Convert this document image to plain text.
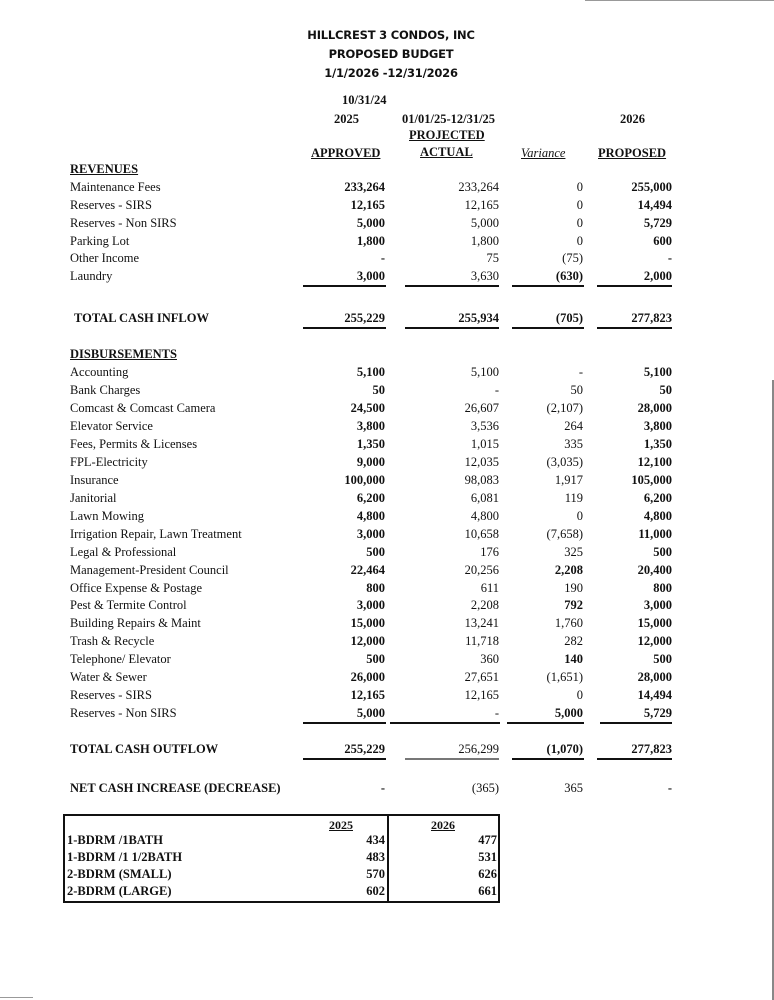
HILLCREST 3 CONDOS, INC
PROPOSED BUDGET
1/1/2026 -12/31/2026
10/31/24
2025
APPROVED
01/01/25-12/31/25
PROJECTED
ACTUAL	Variance
2026
PROPOSED
REVENUES
Maintenance Fees	233,264	233,264	0	255,000
Reserves - SIRS	12,165	12,165	0	14,494
Reserves - Non SIRS	5,000	5,000	0	5,729
Parking Lot	1,800	1,800	0	600
Other Income	-	75	(75)	-
Laundry	3,000	3,630	(630)	2,000
TOTAL CASH INFLOW	255,229	255,934	(705)	277,823
DISBURSEMENTS
Accounting	5,100	5,100	-	5,100
Bank Charges	50	-	50	50
Comcast & Comcast Camera	24,500	26,607	(2,107)	28,000
Elevator Service	3,800	3,536	264	3,800
Fees, Permits & Licenses	1,350	1,015	335	1,350
FPL-Electricity	9,000	12,035	(3,035)	12,100
Insurance	100,000	98,083	1,917	105,000
Janitorial	6,200	6,081	119	6,200
Lawn Mowing	4,800	4,800	0	4,800
Irrigation Repair, Lawn Treatment	3,000	10,658	(7,658)	11,000
Legal & Professional	500	176	325	500
Management-President Council	22,464	20,256	2,208	20,400
Office Expense & Postage	800	611	190	800
Pest & Termite Control	3,000	2,208	792	3,000
Building Repairs & Maint	15,000	13,241	1,760	15,000
Trash & Recycle	12,000	11,718	282	12,000
Telephone/ Elevator	500	360	140	500
Water & Sewer	26,000	27,651	(1,651)	28,000
Reserves - SIRS	12,165	12,165	0	14,494
Reserves - Non SIRS	5,000	-	5,000	5,729
TOTAL CASH OUTFLOW	255,229	256,299	(1,070)	277,823
NET CASH INCREASE (DECREASE)	-	(365)	365	-
2025	2026
1-BDRM /1BATH	434	477
1-BDRM /1 1/2BATH	483	531
2-BDRM (SMALL)	570	626
2-BDRM (LARGE)	602	661
